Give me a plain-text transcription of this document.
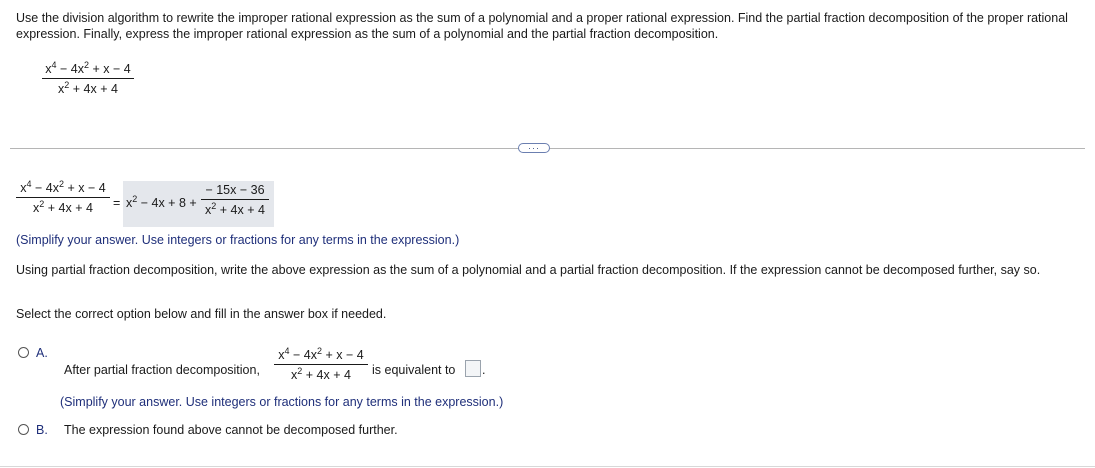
Use the division algorithm to rewrite the improper rational expression as the sum of a polynomial and a proper rational expression. Find the partial fraction decomposition of the proper rational expression. Finally, express the improper rational expression as the sum of a polynomial and the partial fraction decomposition.
$x^4 - 4x^2 + x - 4$
$x^2 + 4x + 4$
···
$x^4 - 4x^2 + x - 4$
$x^2 + 4x + 4$	= $x^2 - 4x + 8$ +
− 15x − 36
$x^2 + 4x + 4$
(Simplify your answer. Use integers or fractions for any terms in the expression.)
Using partial fraction decomposition, write the above expression as the sum of a polynomial and a partial fraction decomposition. If the expression cannot be decomposed further, say so.
Select the correct option below and fill in the answer box if needed.
A.
After partial fraction decomposition,
$x^4 - 4x^2 + x - 4$
$x^2 + 4x + 4$	is equivalent to .
(Simplify your answer. Use integers or fractions for any terms in the expression.)
B. The expression found above cannot be decomposed further.
